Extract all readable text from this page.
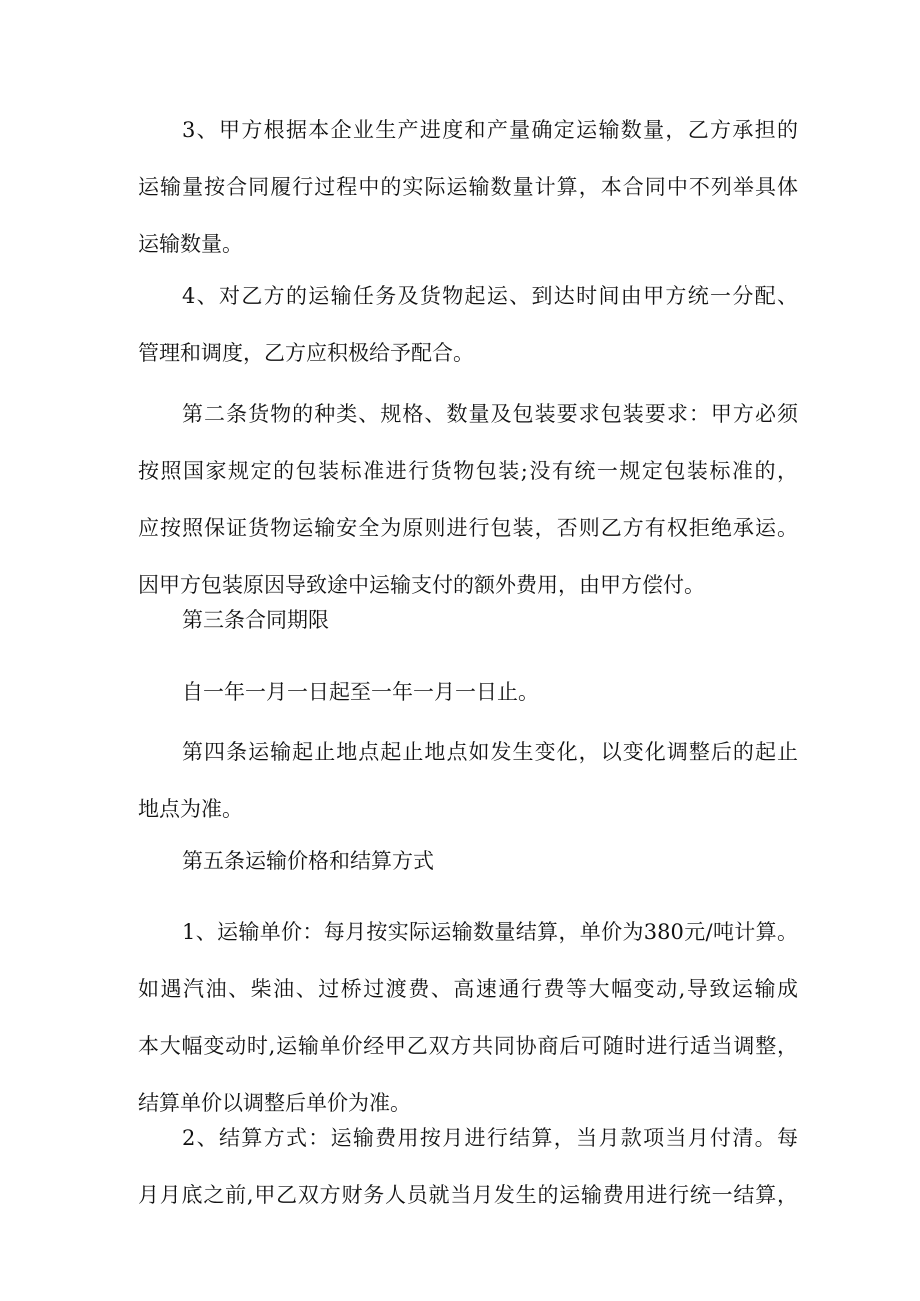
3、甲方根据本企业生产进度和产量确定运输数量，乙方承担的
运输量按合同履行过程中的实际运输数量计算，本合同中不列举具体
运输数量。
4、对乙方的运输任务及货物起运、到达时间由甲方统一分配、
管理和调度，乙方应积极给予配合。
第二条货物的种类、规格、数量及包装要求包装要求：甲方必须
按照国家规定的包装标准进行货物包装;没有统一规定包装标准的，
应按照保证货物运输安全为原则进行包装，否则乙方有权拒绝承运。
因甲方包装原因导致途中运输支付的额外费用，由甲方偿付。
第三条合同期限
自一年一月一日起至一年一月一日止。
第四条运输起止地点起止地点如发生变化，以变化调整后的起止
地点为准。
第五条运输价格和结算方式
1、运输单价：每月按实际运输数量结算，单价为380元/吨计算。
如遇汽油、柴油、过桥过渡费、高速通行费等大幅变动,导致运输成
本大幅变动时,运输单价经甲乙双方共同协商后可随时进行适当调整，
结算单价以调整后单价为准。
2、结算方式：运输费用按月进行结算，当月款项当月付清。每
月月底之前,甲乙双方财务人员就当月发生的运输费用进行统一结算，
